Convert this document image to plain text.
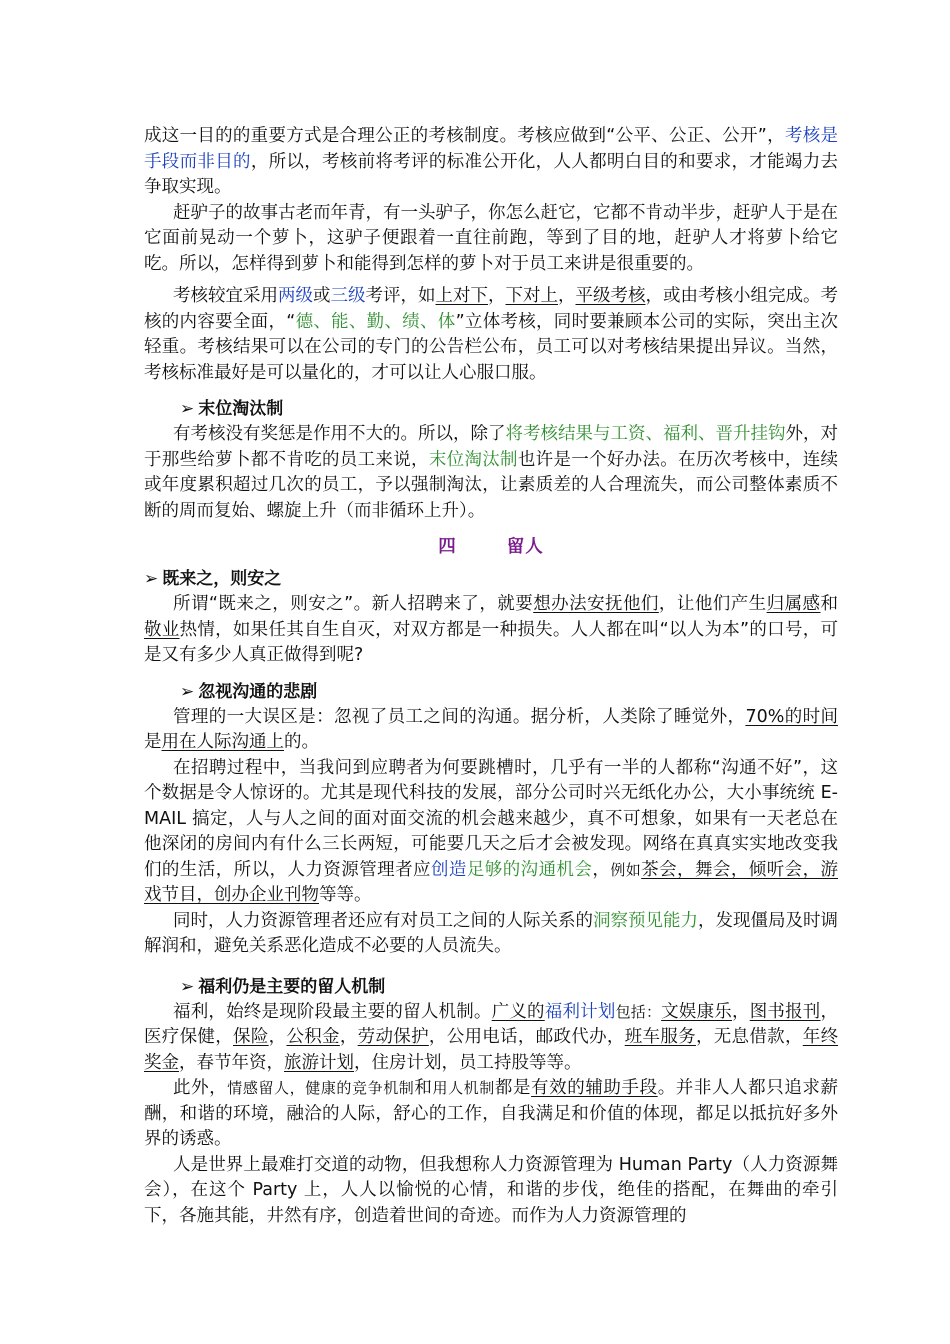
成这一目的的重要方式是合理公正的考核制度。考核应做到“公平、公正、公开”，考核是手段而非目的，所以，考核前将考评的标准公开化，人人都明白目的和要求，才能竭力去争取实现。

赶驴子的故事古老而年青，有一头驴子，你怎么赶它，它都不肯动半步，赶驴人于是在它面前晃动一个萝卜，这驴子便跟着一直往前跑，等到了目的地，赶驴人才将萝卜给它吃。所以，怎样得到萝卜和能得到怎样的萝卜对于员工来讲是很重要的。

考核较宜采用两级或三级考评，如上对下，下对上，平级考核，或由考核小组完成。考核的内容要全面，“德、能、勤、绩、体”立体考核，同时要兼顾本公司的实际，突出主次轻重。考核结果可以在公司的专门的公告栏公布，员工可以对考核结果提出异议。当然，考核标准最好是可以量化的，才可以让人心服口服。

➢ 末位淘汰制

有考核没有奖惩是作用不大的。所以，除了将考核结果与工资、福利、晋升挂钩外，对于那些给萝卜都不肯吃的员工来说，末位淘汰制也许是一个好办法。在历次考核中，连续或年度累积超过几次的员工，予以强制淘汰，让素质差的人合理流失，而公司整体素质不断的周而复始、螺旋上升（而非循环上升）。

四	留人

➢ 既来之，则安之

所谓“既来之，则安之”。新人招聘来了，就要想办法安抚他们，让他们产生归属感和敬业热情，如果任其自生自灭，对双方都是一种损失。人人都在叫“以人为本”的口号，可是又有多少人真正做得到呢?

➢ 忽视沟通的悲剧

管理的一大误区是：忽视了员工之间的沟通。据分析，人类除了睡觉外，70%的时间是用在人际沟通上的。

在招聘过程中，当我问到应聘者为何要跳槽时，几乎有一半的人都称“沟通不好”，这个数据是令人惊讶的。尤其是现代科技的发展，部分公司时兴无纸化办公，大小事统统 E-MAIL 搞定，人与人之间的面对面交流的机会越来越少，真不可想象，如果有一天老总在他深闭的房间内有什么三长两短，可能要几天之后才会被发现。网络在真真实实地改变我们的生活，所以，人力资源管理者应创造足够的沟通机会，例如茶会，舞会，倾听会，游戏节目，创办企业刊物等等。

同时，人力资源管理者还应有对员工之间的人际关系的洞察预见能力，发现僵局及时调解润和，避免关系恶化造成不必要的人员流失。

➢ 福利仍是主要的留人机制

福利，始终是现阶段最主要的留人机制。广义的福利计划包括：文娱康乐，图书报刊，医疗保健，保险，公积金，劳动保护，公用电话，邮政代办，班车服务，无息借款，年终奖金，春节年资，旅游计划，住房计划，员工持股等等。

此外，情感留人，健康的竞争机制和用人机制都是有效的辅助手段。并非人人都只追求薪酬，和谐的环境，融洽的人际，舒心的工作，自我满足和价值的体现，都足以抵抗好多外界的诱惑。

人是世界上最难打交道的动物，但我想称人力资源管理为 Human Party（人力资源舞会），在这个 Party 上，人人以愉悦的心情，和谐的步伐，绝佳的搭配，在舞曲的牵引下，各施其能，井然有序，创造着世间的奇迹。而作为人力资源管理的
